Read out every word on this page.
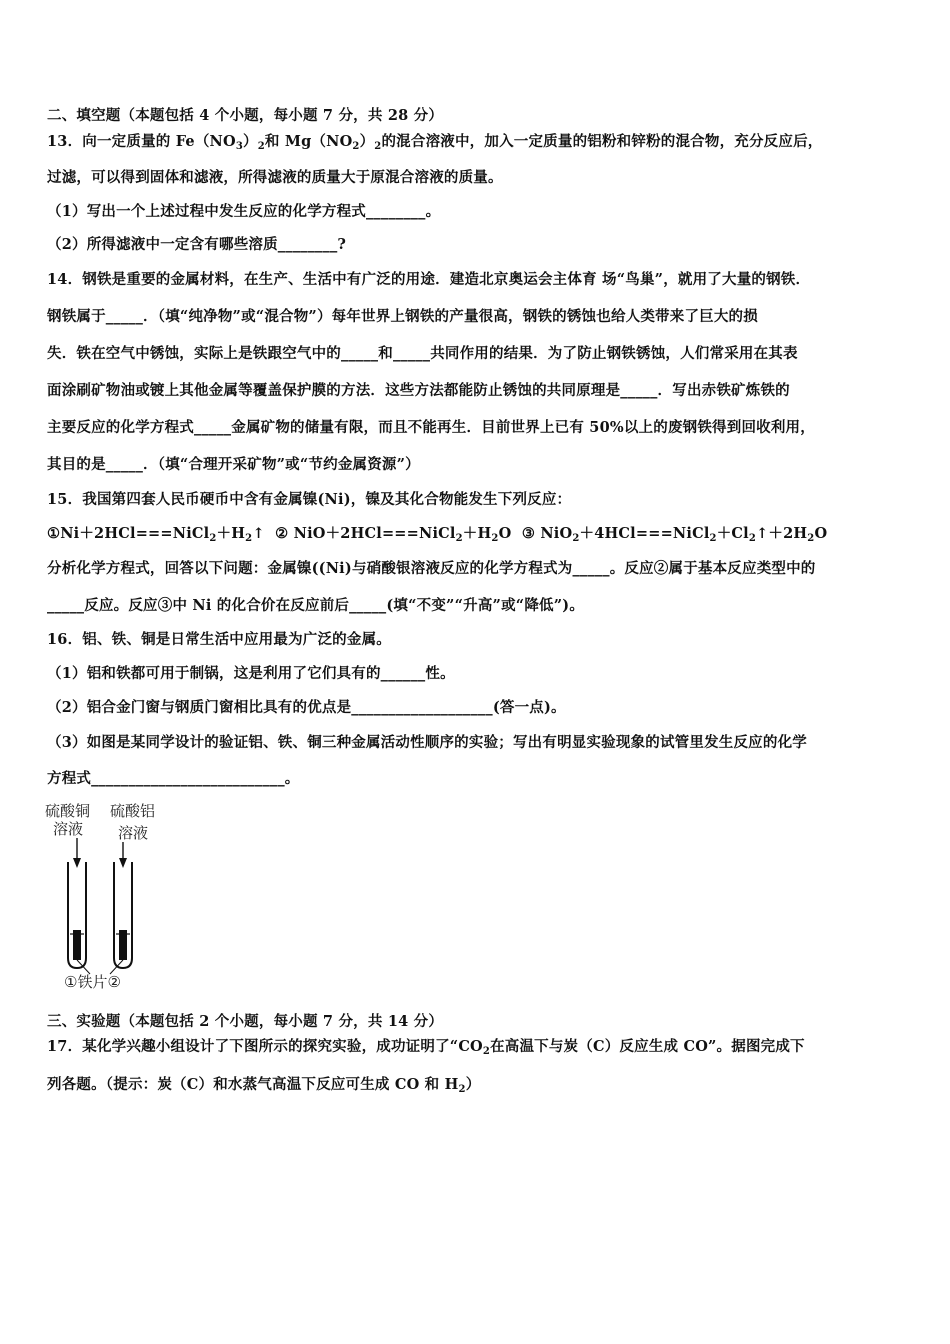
二、填空题（本题包括 4 个小题，每小题 7 分，共 28 分）
13．向一定质量的 $Fe(NO_3)_2$和 $Mg(NO_2)_2$的混合溶液中，加入一定质量的铝粉和锌粉的混合物，充分反应后，
过滤，可以得到固体和滤液，所得滤液的质量大于原混合溶液的质量。
（1）写出一个上述过程中发生反应的化学方程式________。
（2）所得滤液中一定含有哪些溶质________?
14．钢铁是重要的金属材料，在生产、生活中有广泛的用途．建造北京奥运会主体育 场“鸟巢”，就用了大量的钢铁．
钢铁属于_____．（填“纯净物”或“混合物”）每年世界上钢铁的产量很高，钢铁的锈蚀也给人类带来了巨大的损
失．铁在空气中锈蚀，实际上是铁跟空气中的_____和_____共同作用的结果．为了防止钢铁锈蚀，人们常采用在其表
面涂刷矿物油或镀上其他金属等覆盖保护膜的方法．这些方法都能防止锈蚀的共同原理是_____．写出赤铁矿炼铁的
主要反应的化学方程式_____金属矿物的储量有限，而且不能再生．目前世界上已有 50%以上的废钢铁得到回收利用，
其目的是_____．（填“合理开采矿物”或“节约金属资源”）
15．我国第四套人民币硬币中含有金属镍(Ni)，镍及其化合物能发生下列反应：
$①Ni+2HCl===NiCl_2+H_2↑$ ② $NiO+2HCl===NiCl_2+H_2O$ ③ $NiO_2+4HCl===NiCl_2+Cl_2↑+2H_2O$
分析化学方程式，回答以下问题：金属镍((Ni)与硝酸银溶液反应的化学方程式为_____。反应②属于基本反应类型中的
_____反应。反应③中 Ni 的化合价在反应前后_____(填“不变”“升高”或“降低”)。
16．铝、铁、铜是日常生活中应用最为广泛的金属。
（1）铝和铁都可用于制锅，这是利用了它们具有的______性。
（2）铝合金门窗与钢质门窗相比具有的优点是___________________(答一点)。
（3）如图是某同学设计的验证铝、铁、铜三种金属活动性顺序的实验；写出有明显实验现象的试管里发生反应的化学
方程式__________________________。
硫酸铜
溶液
硫酸铝
溶液
①铁片②
三、实验题（本题包括 2 个小题，每小题 7 分，共 14 分）
17．某化学兴趣小组设计了下图所示的探究实验，成功证明了“$CO_2$在高温下与炭（C）反应生成 CO”。据图完成下
列各题。（提示：炭（C）和水蒸气高温下反应可生成 CO 和 $H_2$）
